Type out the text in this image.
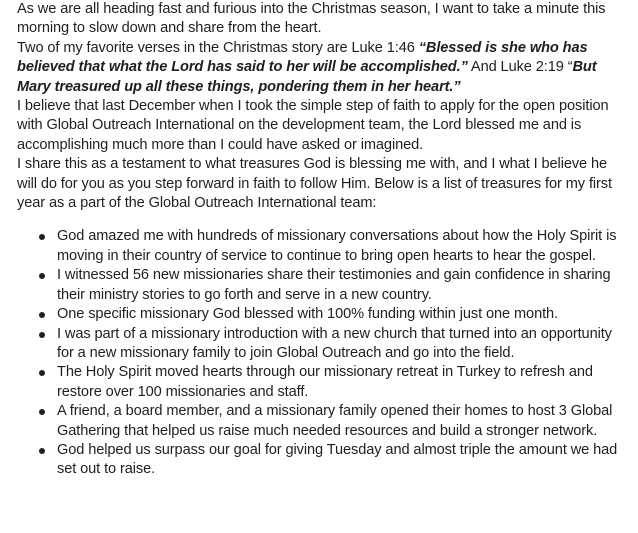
As we are all heading fast and furious into the Christmas season, I want to take a minute this morning to slow down and share from the heart.

Two of my favorite verses in the Christmas story are Luke 1:46 “Blessed is she who has believed that what the Lord has said to her will be accomplished.” And Luke 2:19 “But Mary treasured up all these things, pondering them in her heart.”

I believe that last December when I took the simple step of faith to apply for the open position with Global Outreach International on the development team, the Lord blessed me and is accomplishing much more than I could have asked or imagined.

I share this as a testament to what treasures God is blessing me with, and I what I believe he will do for you as you step forward in faith to follow Him. Below is a list of treasures for my first year as a part of the Global Outreach International team:

God amazed me with hundreds of missionary conversations about how the Holy Spirit is moving in their country of service to continue to bring open hearts to hear the gospel.
I witnessed 56 new missionaries share their testimonies and gain confidence in sharing their ministry stories to go forth and serve in a new country.
One specific missionary God blessed with 100% funding within just one month.
I was part of a missionary introduction with a new church that turned into an opportunity for a new missionary family to join Global Outreach and go into the field.
The Holy Spirit moved hearts through our missionary retreat in Turkey to refresh and restore over 100 missionaries and staff.
A friend, a board member, and a missionary family opened their homes to host 3 Global Gathering that helped us raise much needed resources and build a stronger network.
God helped us surpass our goal for giving Tuesday and almost triple the amount we had set out to raise.
